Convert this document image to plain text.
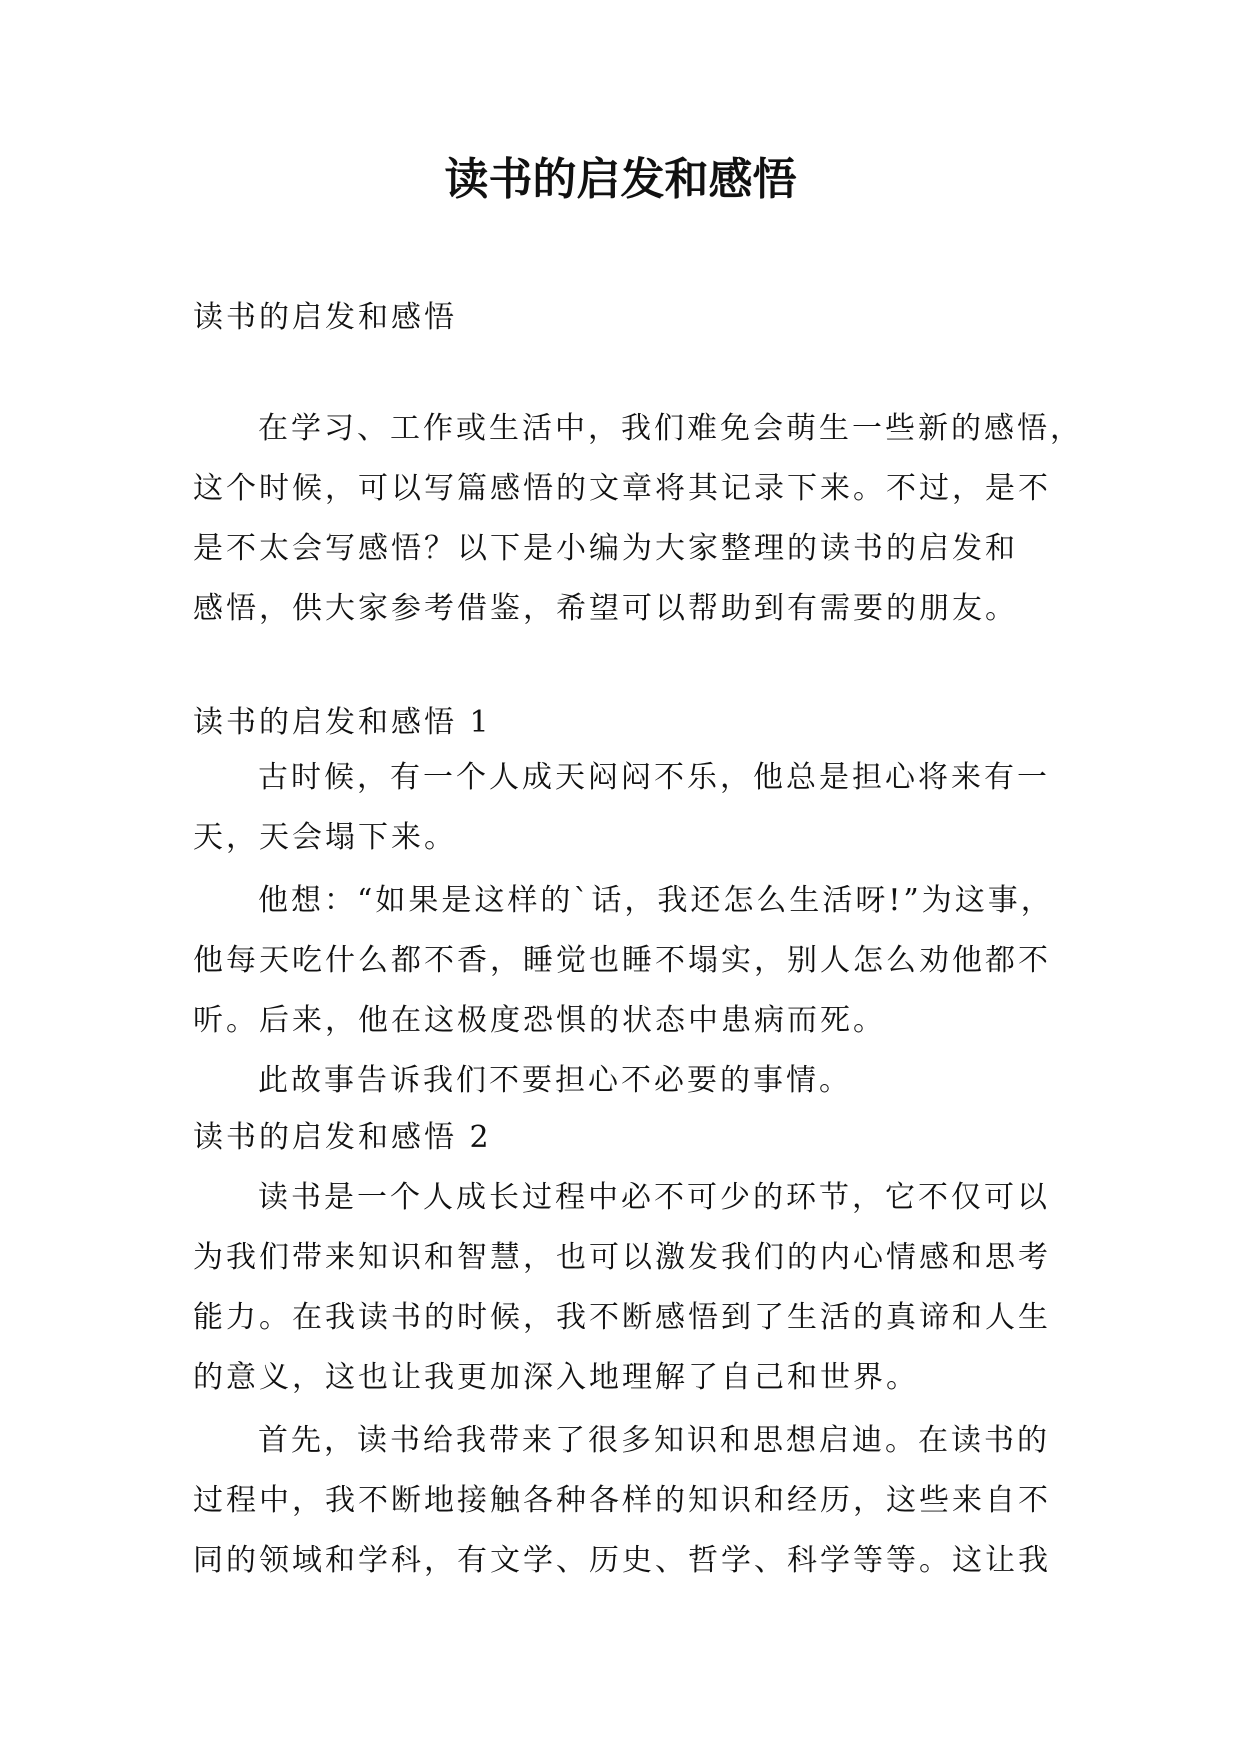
读书的启发和感悟
读书的启发和感悟
在学习、工作或生活中，我们难免会萌生一些新的感悟，
这个时候，可以写篇感悟的文章将其记录下来。不过，是不
是不太会写感悟？以下是小编为大家整理的读书的启发和
感悟，供大家参考借鉴，希望可以帮助到有需要的朋友。
读书的启发和感悟 1
古时候，有一个人成天闷闷不乐，他总是担心将来有一
天，天会塌下来。
他想：“如果是这样的`话，我还怎么生活呀!”为这事，
他每天吃什么都不香，睡觉也睡不塌实，别人怎么劝他都不
听。后来，他在这极度恐惧的状态中患病而死。
此故事告诉我们不要担心不必要的事情。
读书的启发和感悟 2
读书是一个人成长过程中必不可少的环节，它不仅可以
为我们带来知识和智慧，也可以激发我们的内心情感和思考
能力。在我读书的时候，我不断感悟到了生活的真谛和人生
的意义，这也让我更加深入地理解了自己和世界。
首先，读书给我带来了很多知识和思想启迪。在读书的
过程中，我不断地接触各种各样的知识和经历，这些来自不
同的领域和学科，有文学、历史、哲学、科学等等。这让我
